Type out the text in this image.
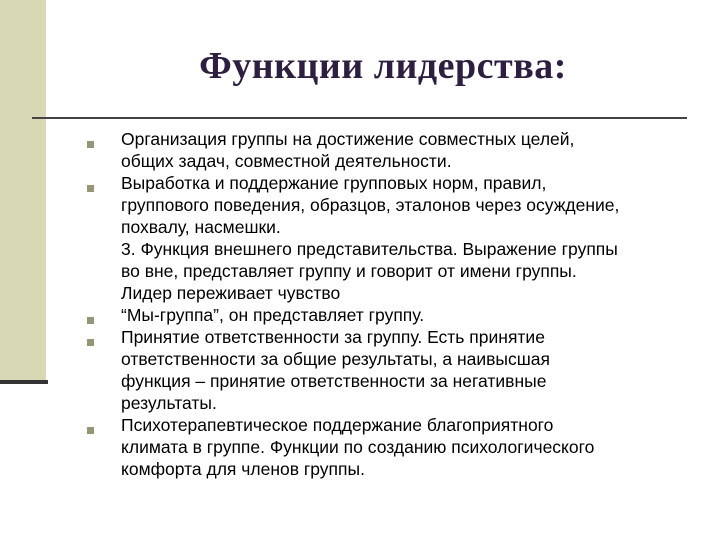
Функции лидерства:
Организация группы на достижение совместных целей,
общих задач, совместной деятельности.
Выработка и поддержание групповых норм, правил,
группового поведения, образцов, эталонов через осуждение,
похвалу, насмешки.
3. Функция внешнего представительства. Выражение группы
во вне, представляет группу и говорит от имени группы.
Лидер переживает чувство
“Мы-группа”, он представляет группу.
Принятие ответственности за группу. Есть принятие
ответственности за общие результаты, а наивысшая
функция – принятие ответственности за негативные
результаты.
Психотерапевтическое поддержание благоприятного
климата в группе. Функции по созданию психологического
комфорта для членов группы.
